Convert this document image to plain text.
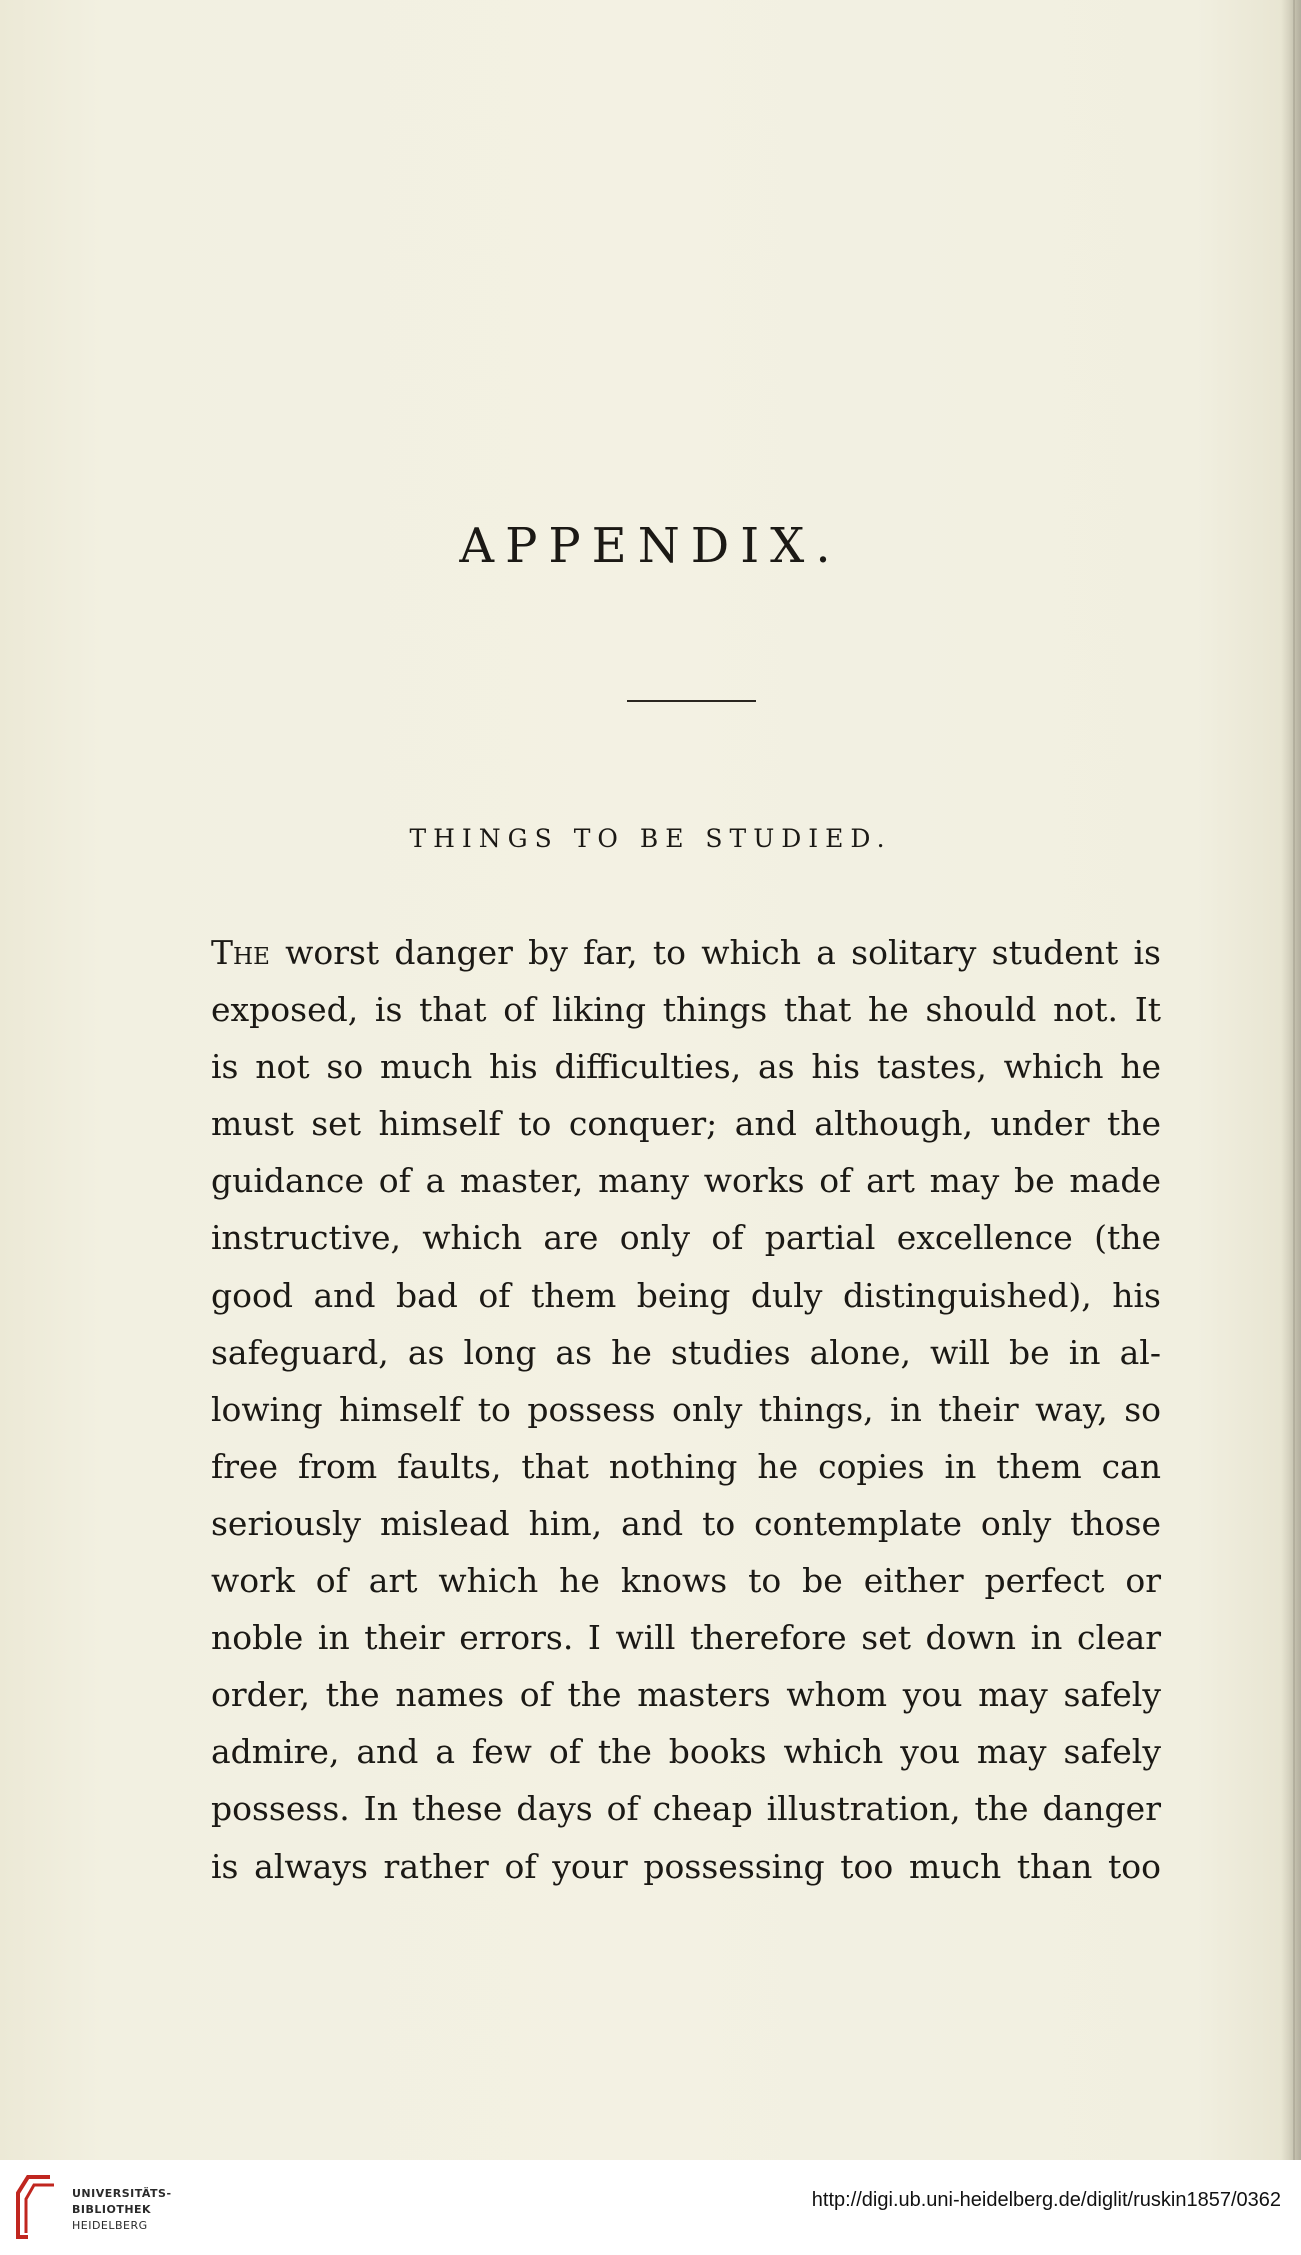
APPENDIX.
THINGS TO BE STUDIED.
The worst danger by far, to which a solitary student is
exposed, is that of liking things that he should not. It
is not so much his difficulties, as his tastes, which he
must set himself to conquer; and although, under the
guidance of a master, many works of art may be made
instructive, which are only of partial excellence (the
good and bad of them being duly distinguished), his
safeguard, as long as he studies alone, will be in al-
lowing himself to possess only things, in their way, so
free from faults, that nothing he copies in them can
seriously mislead him, and to contemplate only those
work of art which he knows to be either perfect or
noble in their errors. I will therefore set down in clear
order, the names of the masters whom you may safely
admire, and a few of the books which you may safely
possess. In these days of cheap illustration, the danger
is always rather of your possessing too much than too
UNIVERSITÄTS-
BIBLIOTHEK
HEIDELBERG
http://digi.ub.uni-heidelberg.de/diglit/ruskin1857/0362
